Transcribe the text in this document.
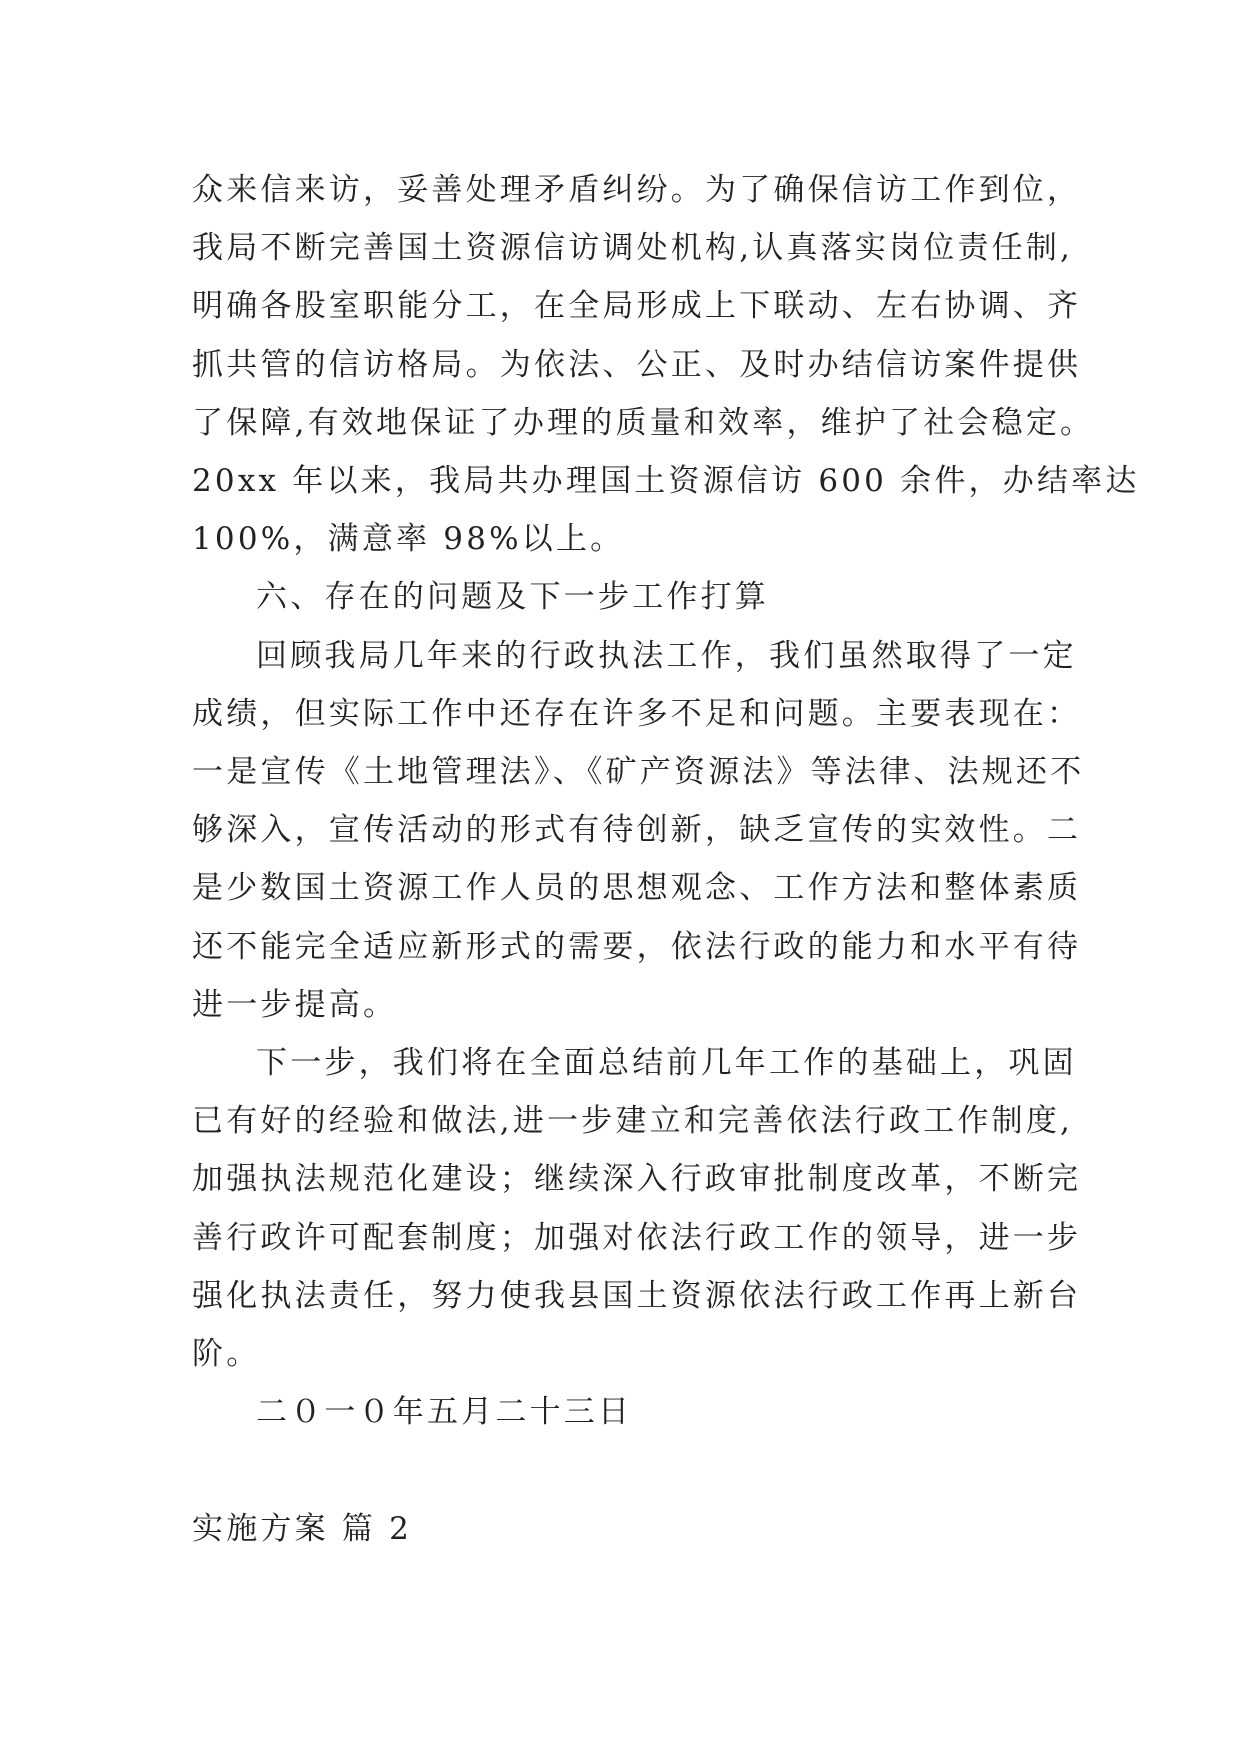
众来信来访，妥善处理矛盾纠纷。为了确保信访工作到位，
我局不断完善国土资源信访调处机构,认真落实岗位责任制,
明确各股室职能分工，在全局形成上下联动、左右协调、齐
抓共管的信访格局。为依法、公正、及时办结信访案件提供
了保障,有效地保证了办理的质量和效率，维护了社会稳定。
20xx 年以来，我局共办理国土资源信访 600 余件，办结率达
100%，满意率 98%以上。
六、存在的问题及下一步工作打算
回顾我局几年来的行政执法工作，我们虽然取得了一定
成绩，但实际工作中还存在许多不足和问题。主要表现在：
一是宣传《土地管理法》、《矿产资源法》等法律、法规还不
够深入，宣传活动的形式有待创新，缺乏宣传的实效性。二
是少数国土资源工作人员的思想观念、工作方法和整体素质
还不能完全适应新形式的需要，依法行政的能力和水平有待
进一步提高。
下一步，我们将在全面总结前几年工作的基础上，巩固
已有好的经验和做法,进一步建立和完善依法行政工作制度,
加强执法规范化建设；继续深入行政审批制度改革，不断完
善行政许可配套制度；加强对依法行政工作的领导，进一步
强化执法责任，努力使我县国土资源依法行政工作再上新台
阶。
二０一０年五月二十三日
实施方案 篇 2
